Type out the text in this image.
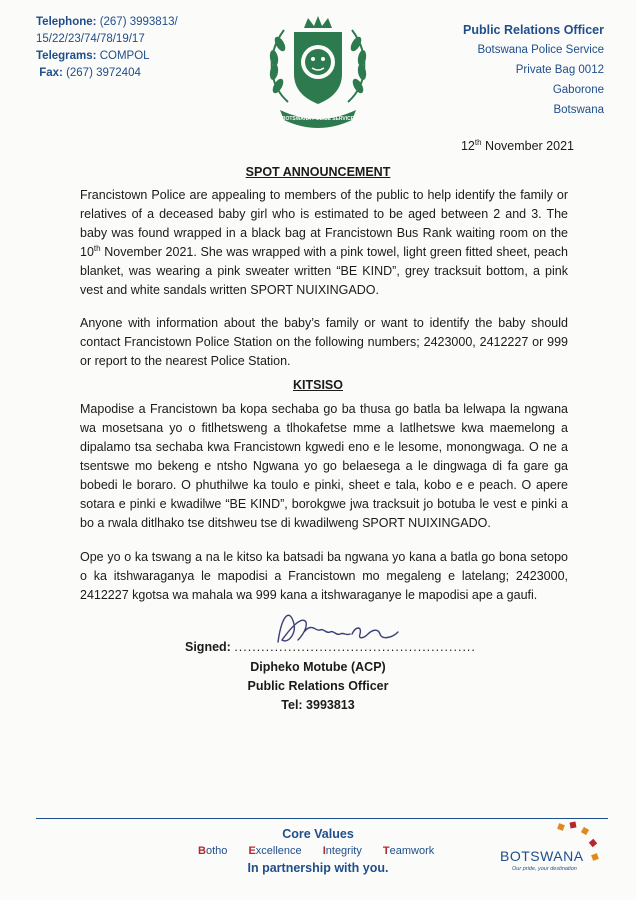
Telephone: (267) 3993813/
15/22/23/74/78/19/17
Telegrams: COMPOL
Fax: (267) 3972404
BOTSWANA POLICE SERVICE
Public Relations Officer
Botswana Police Service
Private Bag 0012
Gaborone
Botswana
12th November 2021
SPOT ANNOUNCEMENT
Francistown Police are appealing to members of the public to help identify the family or relatives of a deceased baby girl who is estimated to be aged between 2 and 3. The baby was found wrapped in a black bag at Francistown Bus Rank waiting room on the 10th November 2021. She was wrapped with a pink towel, light green fitted sheet, peach blanket, was wearing a pink sweater written “BE KIND”, grey tracksuit bottom, a pink vest and white sandals written SPORT NUIXINGADO.
Anyone with information about the baby’s family or want to identify the baby should contact Francistown Police Station on the following numbers; 2423000, 2412227 or 999 or report to the nearest Police Station.
KITSISO
Mapodise a Francistown ba kopa sechaba go ba thusa go batla ba lelwapa la ngwana wa mosetsana yo o fitlhetsweng a tlhokafetse mme a latlhetswe kwa maemelong a dipalamo tsa sechaba kwa Francistown kgwedi eno e le lesome, monongwaga. O ne a tsentswe mo bekeng e ntsho Ngwana yo go belaesega a le dingwaga di fa gare ga bobedi le boraro. O phuthilwe ka toulo e pinki, sheet e tala, kobo e e peach. O apere sotara e pinki e kwadilwe “BE KIND”, borokgwe jwa tracksuit jo botuba le vest e pinki a bo a rwala ditlhako tse ditshweu tse di kwadilweng SPORT NUIXINGADO.
Ope yo o ka tswang a na le kitso ka batsadi ba ngwana yo kana a batla go bona setopo o ka itshwaraganya le mapodisi a Francistown mo megaleng e latelang; 2423000, 2412227 kgotsa wa mahala wa 999 kana a itshwaraganye le mapodisi ape a gaufi.
Signed: ......................................................
Dipheko Motube (ACP)
Public Relations Officer
Tel: 3993813
Core Values
Botho Excellence Integrity Teamwork
In partnership with you.
BOTSWANA
Our pride, your destination
